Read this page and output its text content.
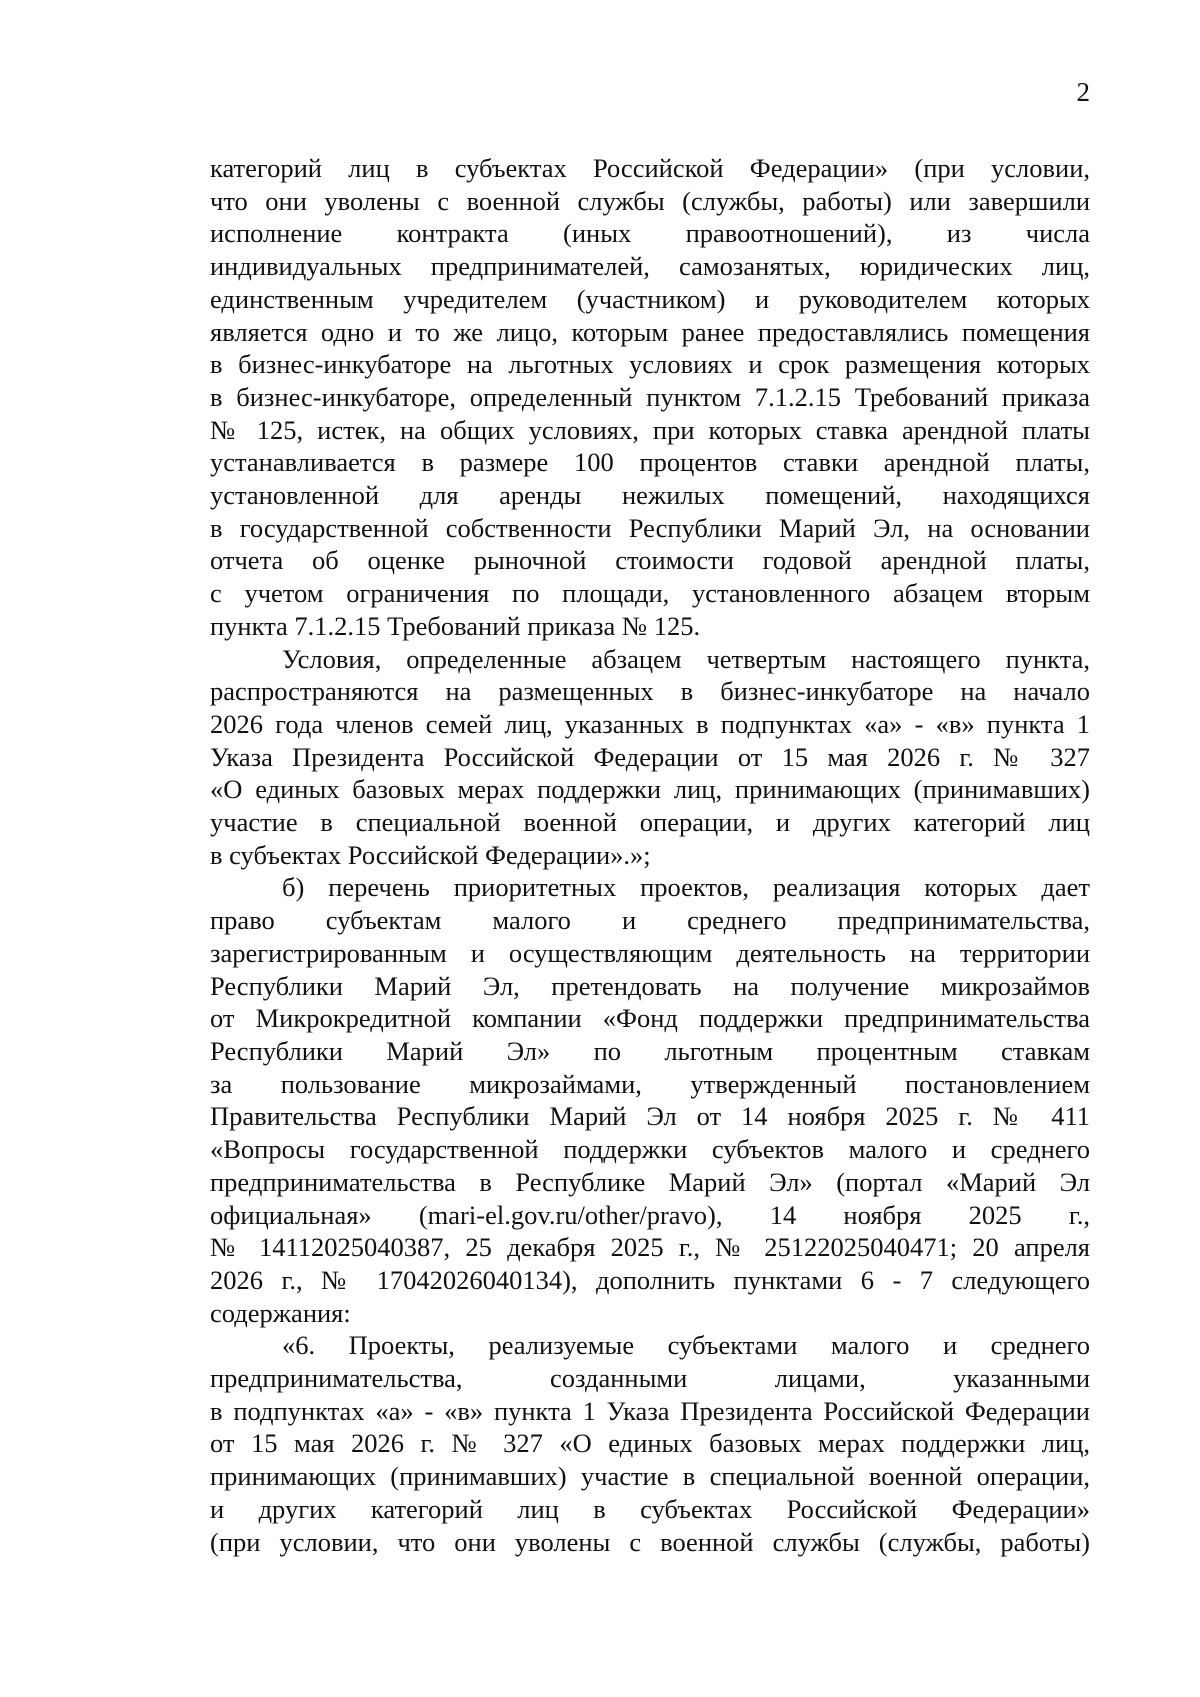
2
категорий лиц в субъектах Российской Федерации» (при условии,
что они уволены с военной службы (службы, работы) или завершили
исполнение контракта (иных правоотношений), из числа
индивидуальных предпринимателей, самозанятых, юридических лиц,
единственным учредителем (участником) и руководителем которых
является одно и то же лицо, которым ранее предоставлялись помещения
в бизнес-инкубаторе на льготных условиях и срок размещения которых
в бизнес-инкубаторе, определенный пунктом 7.1.2.15 Требований приказа
№ 125, истек, на общих условиях, при которых ставка арендной платы
устанавливается в размере 100 процентов ставки арендной платы,
установленной для аренды нежилых помещений, находящихся
в государственной собственности Республики Марий Эл, на основании
отчета об оценке рыночной стоимости годовой арендной платы,
с учетом ограничения по площади, установленного абзацем вторым
пункта 7.1.2.15 Требований приказа № 125.
Условия, определенные абзацем четвертым настоящего пункта,
распространяются на размещенных в бизнес-инкубаторе на начало
2026 года членов семей лиц, указанных в подпунктах «а» - «в» пункта 1
Указа Президента Российской Федерации от 15 мая 2026 г. № 327
«О единых базовых мерах поддержки лиц, принимающих (принимавших)
участие в специальной военной операции, и других категорий лиц
в субъектах Российской Федерации».»;
б) перечень приоритетных проектов, реализация которых дает
право субъектам малого и среднего предпринимательства,
зарегистрированным и осуществляющим деятельность на территории
Республики Марий Эл, претендовать на получение микрозаймов
от Микрокредитной компании «Фонд поддержки предпринимательства
Республики Марий Эл» по льготным процентным ставкам
за пользование микрозаймами, утвержденный постановлением
Правительства Республики Марий Эл от 14 ноября 2025 г. № 411
«Вопросы государственной поддержки субъектов малого и среднего
предпринимательства в Республике Марий Эл» (портал «Марий Эл
официальная» (mari-el.gov.ru/other/pravo), 14 ноября 2025 г.,
№ 14112025040387, 25 декабря 2025 г., № 25122025040471; 20 апреля
2026 г., № 17042026040134), дополнить пунктами 6 - 7 следующего
содержания:
«6. Проекты, реализуемые субъектами малого и среднего
предпринимательства, созданными лицами, указанными
в подпунктах «а» - «в» пункта 1 Указа Президента Российской Федерации
от 15 мая 2026 г. № 327 «О единых базовых мерах поддержки лиц,
принимающих (принимавших) участие в специальной военной операции,
и других категорий лиц в субъектах Российской Федерации»
(при условии, что они уволены с военной службы (службы, работы)
